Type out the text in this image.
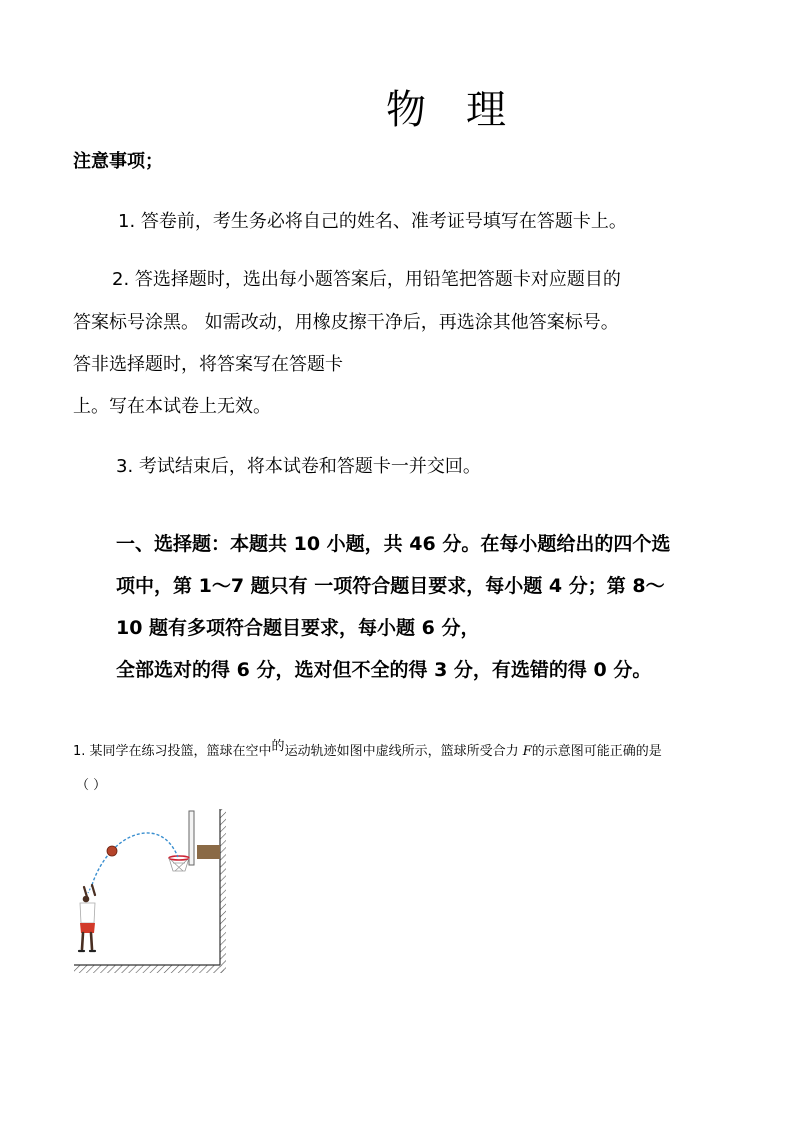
物 理
注意事项；
1. 答卷前，考生务必将自己的姓名、准考证号填写在答题卡上。
2. 答选择题时，选出每小题答案后，用铅笔把答题卡对应题目的
答案标号涂黑。 如需改动，用橡皮擦干净后，再选涂其他答案标号。
答非选择题时，将答案写在答题卡
上。写在本试卷上无效。
3. 考试结束后，将本试卷和答题卡一并交回。
一、选择题：本题共 10 小题，共 46 分。在每小题给出的四个选
项中，第 1～7 题只有 一项符合题目要求，每小题 4 分；第 8～
10 题有多项符合题目要求，每小题 6 分，
全部选对的得 6 分，选对但不全的得 3 分，有选错的得 0 分。
1. 某同学在练习投篮，篮球在空中的运动轨迹如图中虚线所示，篮球所受合力 F的示意图可能正确的是
（ ）
